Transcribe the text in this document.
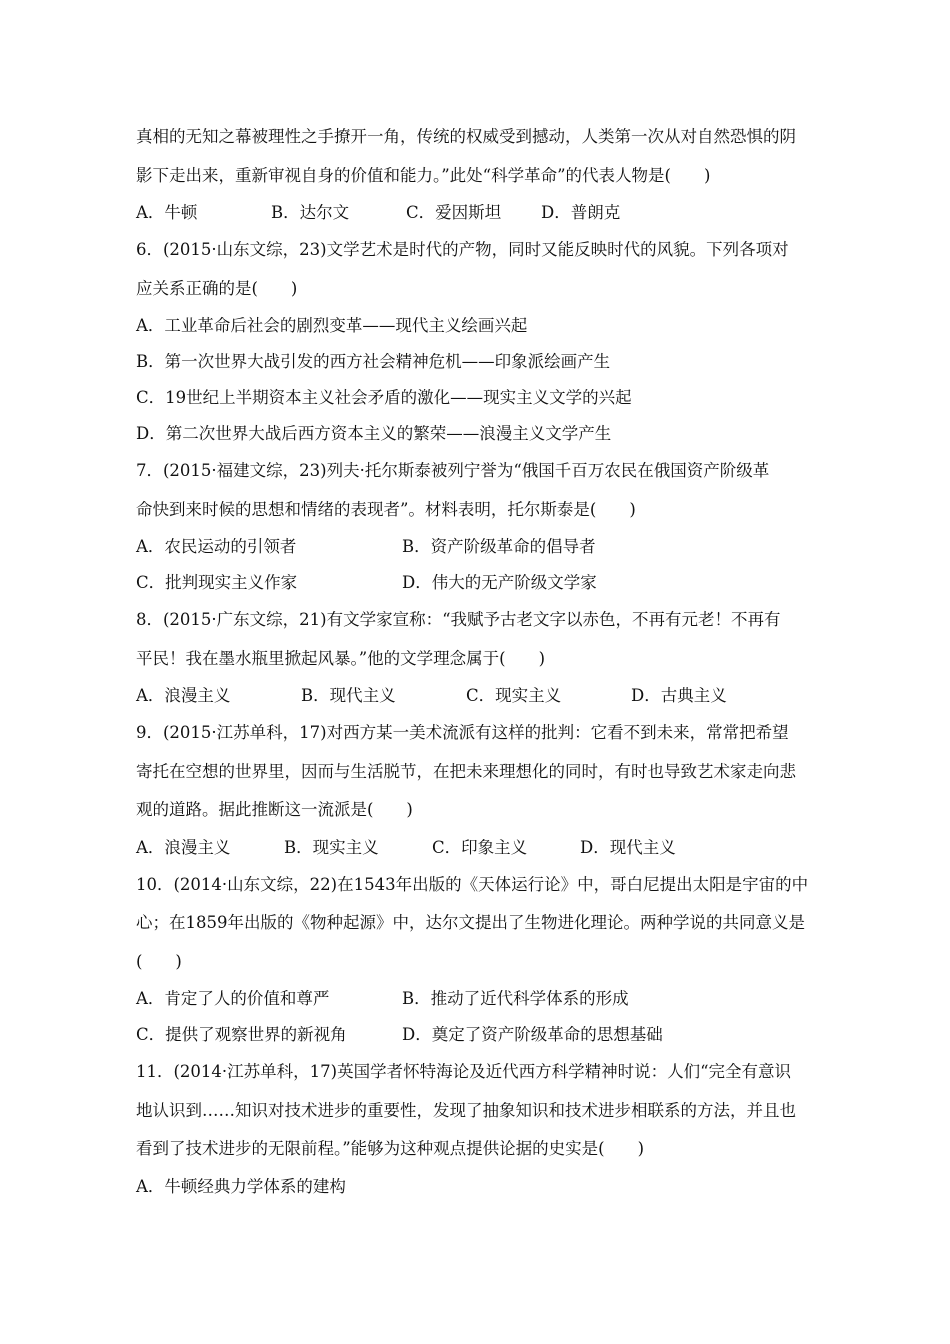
真相的无知之幕被理性之手撩开一角，传统的权威受到撼动，人类第一次从对自然恐惧的阴
影下走出来，重新审视自身的价值和能力。”此处“科学革命”的代表人物是(　　)
A．牛顿	B．达尔文	C．爱因斯坦	D．普朗克
6．(2015·山东文综，23)文学艺术是时代的产物，同时又能反映时代的风貌。下列各项对
应关系正确的是(　　)
A．工业革命后社会的剧烈变革——现代主义绘画兴起
B．第一次世界大战引发的西方社会精神危机——印象派绘画产生
C．19世纪上半期资本主义社会矛盾的激化——现实主义文学的兴起
D．第二次世界大战后西方资本主义的繁荣——浪漫主义文学产生
7．(2015·福建文综，23)列夫·托尔斯泰被列宁誉为“俄国千百万农民在俄国资产阶级革
命快到来时候的思想和情绪的表现者”。材料表明，托尔斯泰是(　　)
A．农民运动的引领者	B．资产阶级革命的倡导者
C．批判现实主义作家	D．伟大的无产阶级文学家
8．(2015·广东文综，21)有文学家宣称：“我赋予古老文字以赤色，不再有元老！不再有
平民！我在墨水瓶里掀起风暴。”他的文学理念属于(　　)
A．浪漫主义	B．现代主义	C．现实主义	D．古典主义
9．(2015·江苏单科，17)对西方某一美术流派有这样的批判：它看不到未来，常常把希望
寄托在空想的世界里，因而与生活脱节，在把未来理想化的同时，有时也导致艺术家走向悲
观的道路。据此推断这一流派是(　　)
A．浪漫主义	B．现实主义	C．印象主义	D．现代主义
10．(2014·山东文综，22)在1543年出版的《天体运行论》中，哥白尼提出太阳是宇宙的中
心；在1859年出版的《物种起源》中，达尔文提出了生物进化理论。两种学说的共同意义是
(　　)
A．肯定了人的价值和尊严	B．推动了近代科学体系的形成
C．提供了观察世界的新视角	D．奠定了资产阶级革命的思想基础
11．(2014·江苏单科，17)英国学者怀特海论及近代西方科学精神时说：人们“完全有意识
地认识到……知识对技术进步的重要性，发现了抽象知识和技术进步相联系的方法，并且也
看到了技术进步的无限前程。”能够为这种观点提供论据的史实是(　　)
A．牛顿经典力学体系的建构
